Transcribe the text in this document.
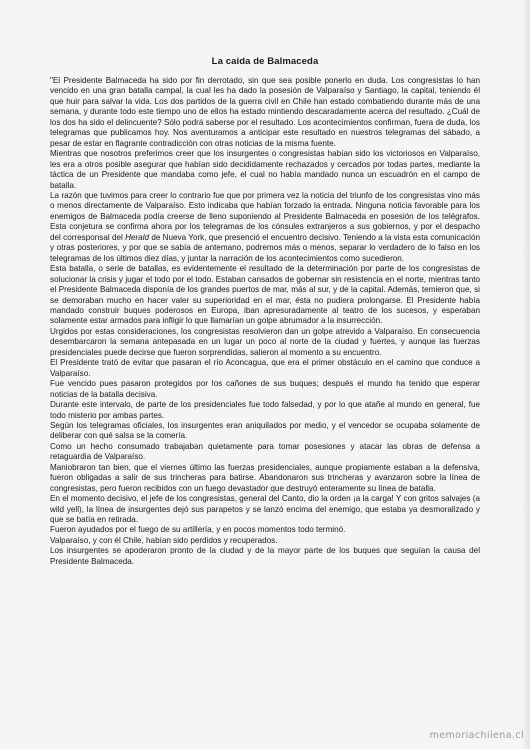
La caída de Balmaceda

"El Presidente Balmaceda ha sido por fin derrotado, sin que sea posible ponerlo en duda. Los congresistas lo han vencido en una gran batalla campal, la cual les ha dado la posesión de Valparaíso y Santiago, la capital, teniendo él que huir para salvar la vida. Los dos partidos de la guerra civil en Chile han estado combatiendo durante más de una semana, y durante todo este tiempo uno de ellos ha estado mintiendo descaradamente acerca del resultado. ¿Cuál de los dos ha sido el delincuente? Sólo podrá saberse por el resultado. Los acontecimientos confirman, fuera de duda, los telegramas que publicamos hoy. Nos aventuramos a anticipar este resultado en nuestros telegramas del sábado, a pesar de estar en flagrante contradicción con otras noticias de la misma fuente.

Mientras que nosotros preferimos creer que los insurgentes o congresistas habían sido los victoriosos en Valparaíso, les era a otros posible asegurar que habían sido decididamente rechazados y cercados por todas partes, mediante la táctica de un Presidente que mandaba como jefe, el cual no había mandado nunca un escuadrón en el campo de batalla.

La razón que tuvimos para creer lo contrario fue que por primera vez la noticia del triunfo de los congresistas vino más o menos directamente de Valparaíso. Esto indicaba que habían forzado la entrada. Ninguna noticia favorable para los enemigos de Balmaceda podía creerse de lleno suponiendo al Presidente Balmaceda en posesión de los telégrafos. Esta conjetura se confirma ahora por los telegramas de los cónsules extranjeros a sus gobiernos, y por el despacho del corresponsal del Herald de Nueva York, que presenció el encuentro decisivo. Teniendo a la vista esta comunicación y otras posteriores, y por que se sabía de antemano, podremos más o menos, separar lo verdadero de lo falso en los telegramas de los últimos diez días, y juntar la narración de los acontecimientos como sucedieron.

Esta batalla, o serie de batallas, es evidentemente el resultado de la determinación por parte de los congresistas de solucionar la crisis y jugar el todo por el todo. Estaban cansados de gobernar sin resistencia en el norte, mientras tanto el Presidente Balmaceda disponía de los grandes puertos de mar, más al sur, y de la capital. Además, temieron que, si se demoraban mucho en hacer valer su superioridad en el mar, ésta no pudiera prolongarse. El Presidente había mandado construir buques poderosos en Europa, iban apresuradamente al teatro de los sucesos, y esperaban solamente estar armados para infligir lo que llamarían un golpe abrumador a la insurrección.

Urgidos por estas consideraciones, los congresistas resolvieron dan un golpe atrevido a Valparaíso. En consecuencia desembarcaron la semana antepasada en un lugar un poco al norte de la ciudad y fuertes, y aunque las fuerzas presidenciales puede decirse que fueron sorprendidas, salieron al momento a su encuentro.

El Presidente trató de evitar que pasaran el río Aconcagua, que era el primer obstáculo en el camino que conduce a Valparaíso.

Fue vencido pues pasaron protegidos por los cañones de sus buques; después el mundo ha tenido que esperar noticias de la batalla decisiva.

Durante este intervalo, de parte de los presidenciales fue todo falsedad, y por lo que atañe al mundo en general, fue todo misterio por ambas partes.

Según los telegramas oficiales, los insurgentes eran aniquilados por medio, y el vencedor se ocupaba solamente de deliberar con qué salsa se la comería.

Como un hecho consumado trabajaban quietamente para tomar posesiones y atacar las obras de defensa a retaguardia de Valparaíso.

Maniobraron tan bien, que el viernes último las fuerzas presidenciales, aunque propiamente estaban a la defensiva, fueron obligadas a salir de sus trincheras para batirse. Abandonaron sus trincheras y avanzaron sobre la línea de congresistas, pero fueron recibidos con un fuego devastador que destruyó enteramente su línea de batalla.

En el momento decisivo, el jefe de los congresistas, general del Canto, dio la orden ¡a la carga! Y con gritos salvajes (a wild yell), la línea de insurgentes dejó sus parapetos y se lanzó encima del enemigo, que estaba ya desmoralizado y que se batía en retirada.

Fueron ayudados por el fuego de su artillería, y en pocos momentos todo terminó.

Valparaíso, y con él Chile, habían sido perdidos y recuperados.

Los insurgentes se apoderaron pronto de la ciudad y de la mayor parte de los buques que seguían la causa del Presidente Balmaceda.

memoriachilena.cl
